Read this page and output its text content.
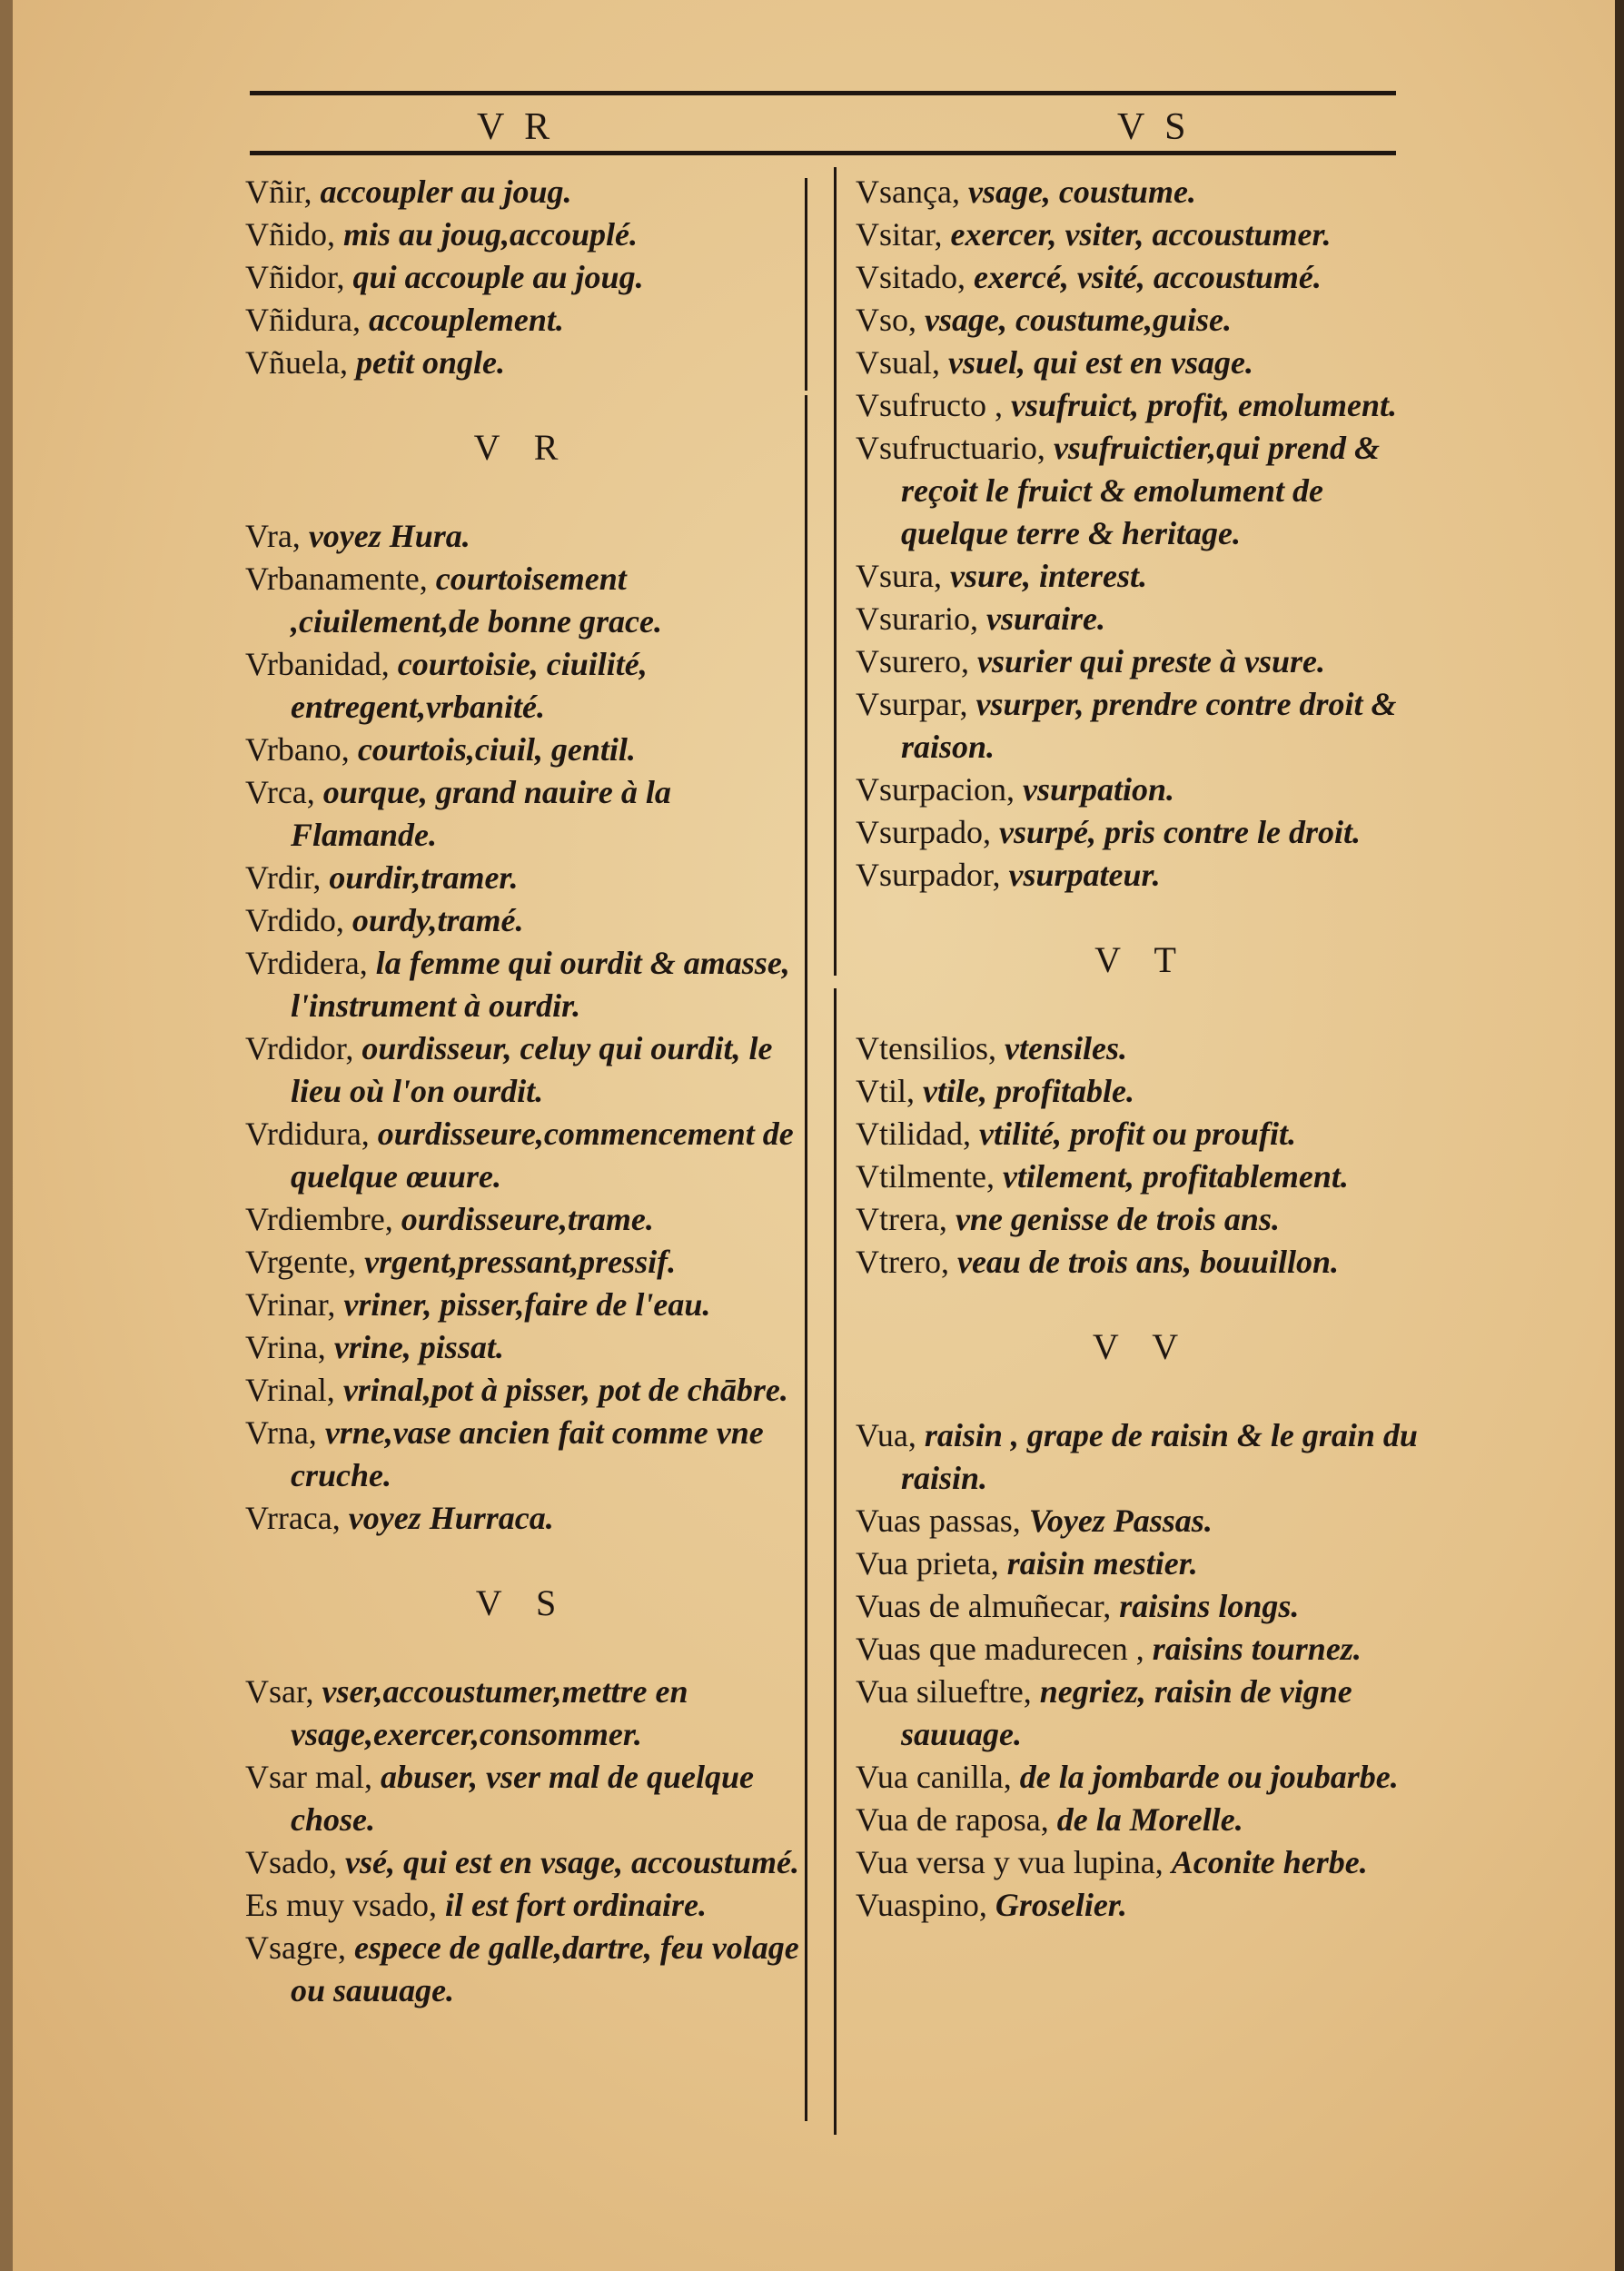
V R	V S

Vñir, accoupler au joug.

Vñido, mis au joug,accouplé.

Vñidor, qui accouple au joug.

Vñidura, accouplement.

Vñuela, petit ongle.

V R

Vra, voyez Hura.

Vrbanamente, courtoisement ,ciuilement,de bonne grace.

Vrbanidad, courtoisie, ciuilité, entregent,vrbanité.

Vrbano, courtois,ciuil, gentil.

Vrca, ourque, grand nauire à la Flamande.

Vrdir, ourdir,tramer.

Vrdido, ourdy,tramé.

Vrdidera, la femme qui ourdit & amasse, l'instrument à ourdir.

Vrdidor, ourdisseur, celuy qui ourdit, le lieu où l'on ourdit.

Vrdidura, ourdisseure,commencement de quelque œuure.

Vrdiembre, ourdisseure,trame.

Vrgente, vrgent,pressant,pressif.

Vrinar, vriner, pisser,faire de l'eau.

Vrina, vrine, pissat.

Vrinal, vrinal,pot à pisser, pot de chābre.

Vrna, vrne,vase ancien fait comme vne cruche.

Vrraca, voyez Hurraca.

V S

Vsar, vser,accoustumer,mettre en vsage,exercer,consommer.

Vsar mal, abuser, vser mal de quelque chose.

Vsado, vsé, qui est en vsage, accoustumé.

Es muy vsado, il est fort ordinaire.

Vsagre, espece de galle,dartre, feu volage ou sauuage.

Vsança, vsage, coustume.

Vsitar, exercer, vsiter, accoustumer.

Vsitado, exercé, vsité, accoustumé.

Vso, vsage, coustume,guise.

Vsual, vsuel, qui est en vsage.

Vsufructo , vsufruict, profit, emolument.

Vsufructuario, vsufruictier,qui prend & reçoit le fruict & emolument de quelque terre & heritage.

Vsura, vsure, interest.

Vsurario, vsuraire.

Vsurero, vsurier qui preste à vsure.

Vsurpar, vsurper, prendre contre droit & raison.

Vsurpacion, vsurpation.

Vsurpado, vsurpé, pris contre le droit.

Vsurpador, vsurpateur.

V T

Vtensilios, vtensiles.

Vtil, vtile, profitable.

Vtilidad, vtilité, profit ou proufit.

Vtilmente, vtilement, profitablement.

Vtrera, vne genisse de trois ans.

Vtrero, veau de trois ans, bouuillon.

V V

Vua, raisin , grape de raisin & le grain du raisin.

Vuas passas, Voyez Passas.

Vua prieta, raisin mestier.

Vuas de almuñecar, raisins longs.

Vuas que madurecen , raisins tournez.

Vua silueftre, negriez, raisin de vigne sauuage.

Vua canilla, de la jombarde ou joubarbe.

Vua de raposa, de la Morelle.

Vua versa y vua lupina, Aconite herbe.

Vuaspino, Groselier.
